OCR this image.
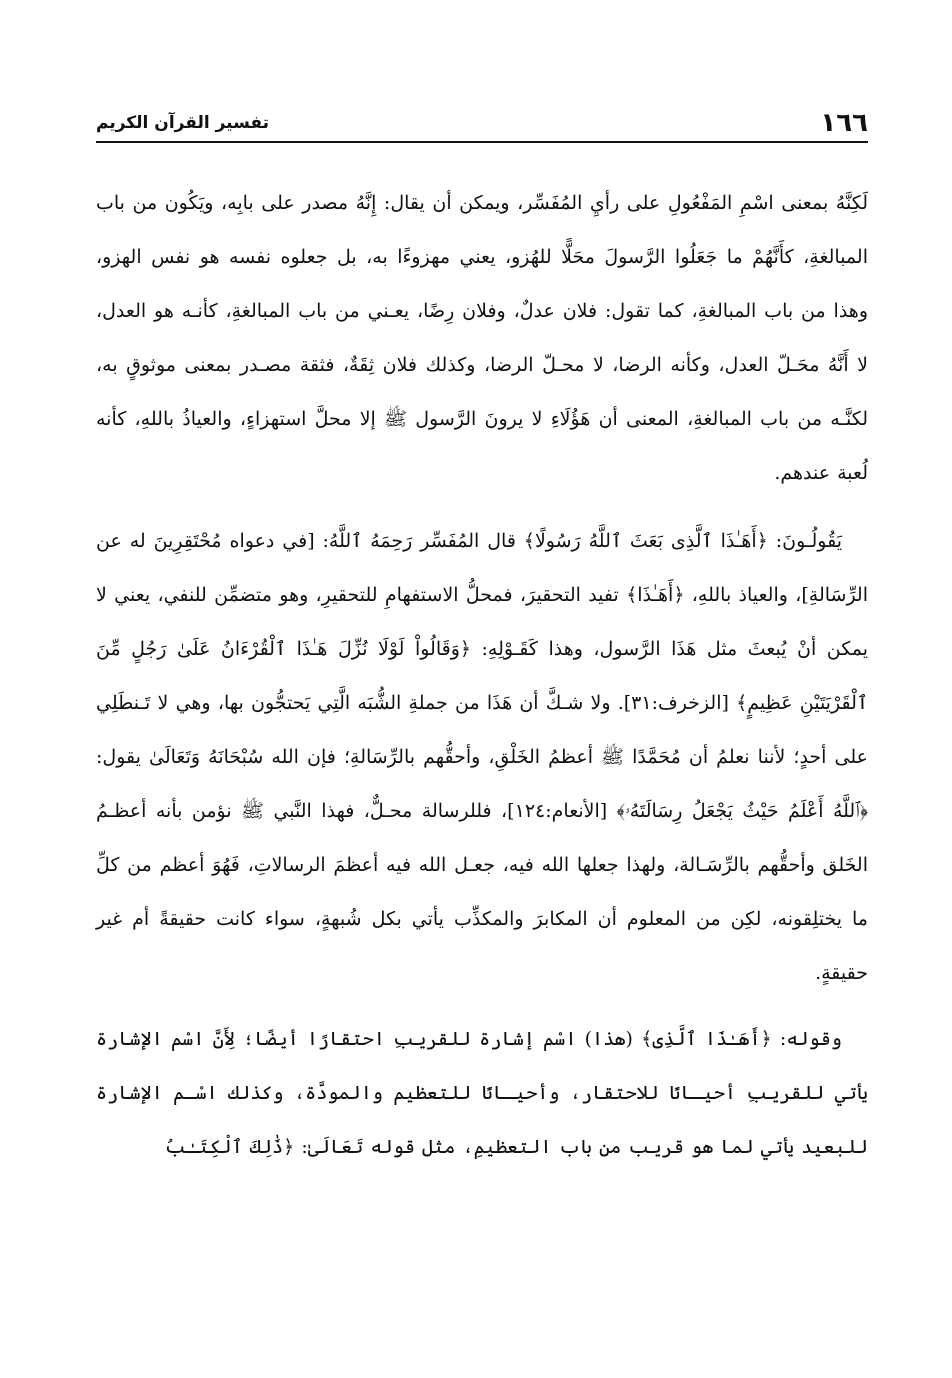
١٦٦
تفسير القرآن الكريم

لَكِنَّهُ بمعنى اسْمِ المَفْعُولِ على رأيِ المُفَسِّر، ويمكن أن يقال: إِنَّهُ مصدر على بابِه، ويَكُون من باب المبالغةِ، كأَنَّهُمْ ما جَعَلُوا الرَّسولَ محَلًّا للهُزو، يعني مهزوءًا به، بل جعلوه نفسه هو نفس الهزو، وهذا من باب المبالغةِ، كما تقول: فلان عدلٌ، وفلان رِضًا، يعـني من باب المبالغةِ، كأنـه هو العدل، لا أَنَّهُ محَـلّ العدل، وكأنه الرضا، لا محـلّ الرضا، وكذلك فلان ثِقَةٌ، فثقة مصـدر بمعنى موثوقٍ به، لكنَّـه من باب المبالغةِ، المعنى أن هَؤُلَاءِ لا يرونَ الرَّسول ﷺ إلا محلَّ استهزاءٍ، والعياذُ باللهِ، كأنه لُعبة عندهم.

يَقُولُـونَ: ﴿أَهَـٰذَا ٱلَّذِى بَعَثَ ٱللَّهُ رَسُولًا﴾ قال المُفَسِّر رَحِمَهُ ٱللَّهُ: [في دعواه مُحْتَقِرِينَ له عن الرِّسَالةِ]، والعياذ باللهِ، ﴿أَهَـٰذَا﴾ تفيد التحقيرَ، فمحلُّ الاستفهامِ للتحقيرِ، وهو متضمِّن للنفي، يعني لا يمكن أنْ يُبعثَ مثل هَذَا الرَّسول، وهذا كَقَـوْلِهِ: ﴿وَقَالُواْ لَوْلَا نُزِّلَ هَـٰذَا ٱلْقُرْءَانُ عَلَىٰ رَجُلٍ مِّنَ ٱلْقَرْيَتَيْنِ عَظِيمٍ﴾ [الزخرف:٣١]. ولا شـكَّ أن هَذَا من جملةِ الشُّبَه الَّتِي يَحتجُّون بها، وهي لا تَـنطَلِي على أحدٍ؛ لأننا نعلمُ أن مُحَمَّدًا ﷺ أعظمُ الخَلْقِ، وأحقُّهم بالرِّسَالةِ؛ فإن الله سُبْحَانَهُ وَتَعَالَىٰ يقول: ﴿ٱللَّهُ أَعْلَمُ حَيْثُ يَجْعَلُ رِسَالَتَهُۥ﴾ [الأنعام:١٢٤]، فللرسالة محـلٌّ، فهذا النَّبي ﷺ نؤمن بأنه أعظـمُ الخَلق وأحقُّهم بالرِّسَـالة، ولهذا جعلها الله فيه، جعـل الله فيه أعظمَ الرسالاتِ، فَهُوَ أعظم من كلِّ ما يختلِقونه، لكِن من المعلوم أن المكابرَ والمكذِّب يأتي بكل شُبهةٍ، سواء كانت حقيقةً أم غير حقيقةٍ.

وقوله: ﴿أَهَـٰذَا ٱلَّذِى﴾ (هذا) اسْم إشارة للقريبِ احتقارًا أيضًا؛ لِأَنَّ اسْم الإشارة يأتي للقريبِ أحيـانًا للاحتقار، وأحيـانًا للتعظيم والمودَّة، وكذلك اسْـم الإشارة للبعيد يأتي لما هو قريب من باب التعظيمِ، مثل قوله تَعَالَىٰ: ﴿ذَٰلِكَ ٱلْكِتَـٰبُ
